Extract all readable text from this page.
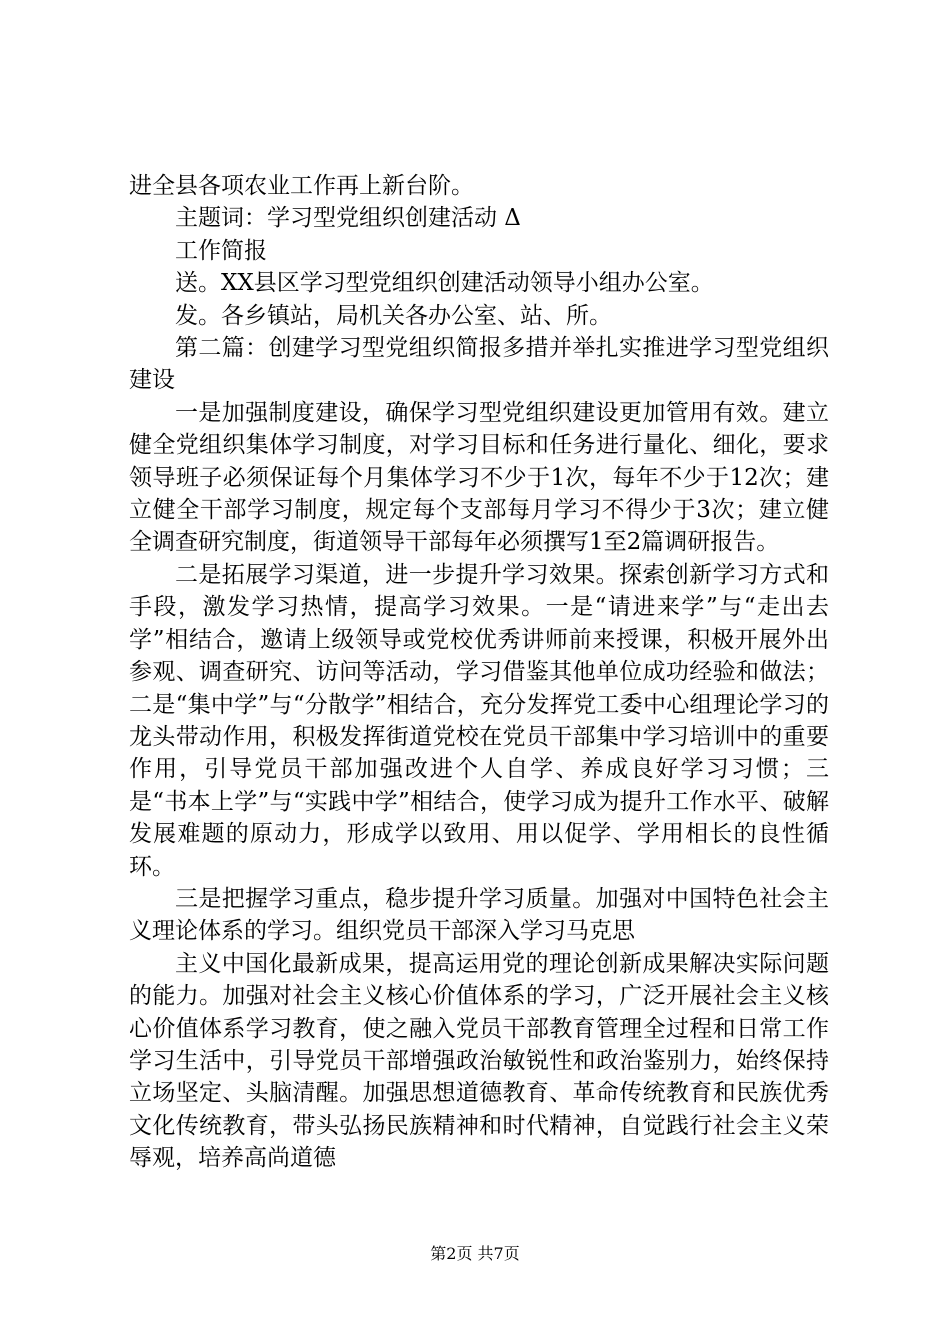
进全县各项农业工作再上新台阶。

主题词：学习型党组织创建活动 Δ

工作简报

送。XX县区学习型党组织创建活动领导小组办公室。

发。各乡镇站，局机关各办公室、站、所。

第二篇：创建学习型党组织简报多措并举扎实推进学习型党组织建设

一是加强制度建设，确保学习型党组织建设更加管用有效。建立健全党组织集体学习制度，对学习目标和任务进行量化、细化，要求领导班子必须保证每个月集体学习不少于1次，每年不少于12次；建立健全干部学习制度，规定每个支部每月学习不得少于3次；建立健全调查研究制度，街道领导干部每年必须撰写1至2篇调研报告。

二是拓展学习渠道，进一步提升学习效果。探索创新学习方式和手段，激发学习热情，提高学习效果。一是“请进来学”与“走出去学”相结合，邀请上级领导或党校优秀讲师前来授课，积极开展外出参观、调查研究、访问等活动，学习借鉴其他单位成功经验和做法；二是“集中学”与“分散学”相结合，充分发挥党工委中心组理论学习的龙头带动作用，积极发挥街道党校在党员干部集中学习培训中的重要作用，引导党员干部加强改进个人自学、养成良好学习习惯；三是“书本上学”与“实践中学”相结合，使学习成为提升工作水平、破解发展难题的原动力，形成学以致用、用以促学、学用相长的良性循环。

三是把握学习重点，稳步提升学习质量。加强对中国特色社会主义理论体系的学习。组织党员干部深入学习马克思

主义中国化最新成果，提高运用党的理论创新成果解决实际问题的能力。加强对社会主义核心价值体系的学习，广泛开展社会主义核心价值体系学习教育，使之融入党员干部教育管理全过程和日常工作学习生活中，引导党员干部增强政治敏锐性和政治鉴别力，始终保持立场坚定、头脑清醒。加强思想道德教育、革命传统教育和民族优秀文化传统教育，带头弘扬民族精神和时代精神，自觉践行社会主义荣辱观，培养高尚道德

第2页 共7页
